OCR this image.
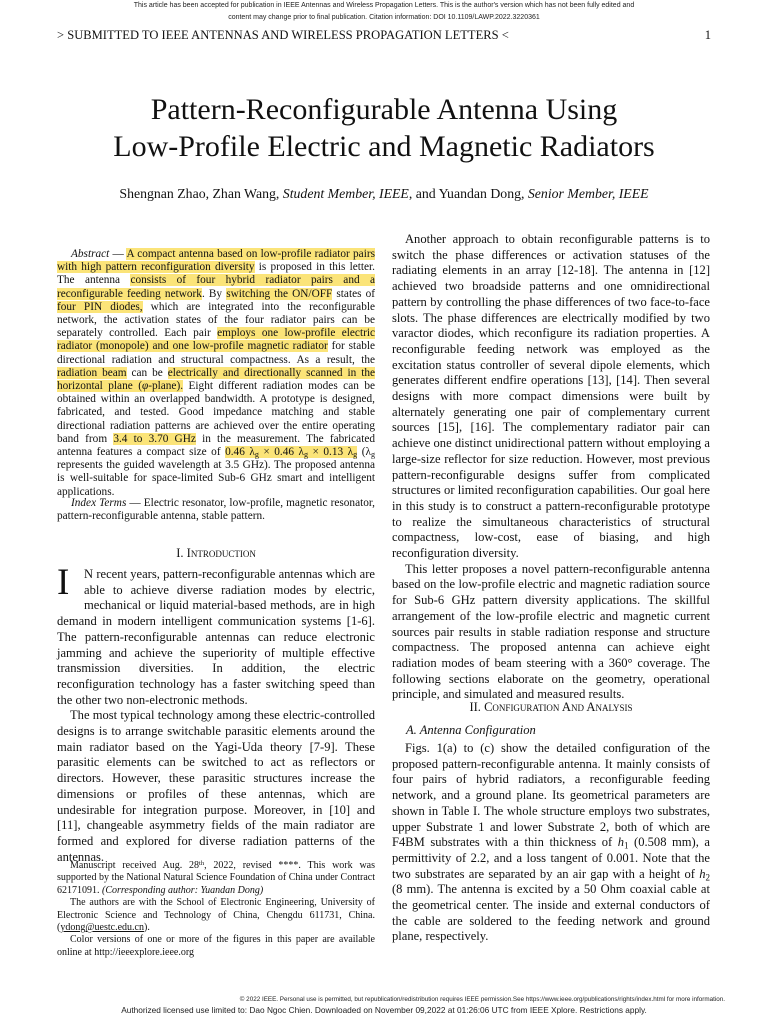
This article has been accepted for publication in IEEE Antennas and Wireless Propagation Letters. This is the author's version which has not been fully edited and
content may change prior to final publication. Citation information: DOI 10.1109/LAWP.2022.3220361
> SUBMITTED TO IEEE ANTENNAS AND WIRELESS PROPAGATION LETTERS <	1
Pattern-Reconfigurable Antenna Using
Low-Profile Electric and Magnetic Radiators
Shengnan Zhao, Zhan Wang, Student Member, IEEE, and Yuandan Dong, Senior Member, IEEE

Abstract — A compact antenna based on low-profile radiator pairs with high pattern reconfiguration diversity is proposed in this letter. The antenna consists of four hybrid radiator pairs and a reconfigurable feeding network. By switching the ON/OFF states of four PIN diodes, which are integrated into the reconfigurable network, the activation states of the four radiator pairs can be separately controlled. Each pair employs one low-profile electric radiator (monopole) and one low-profile magnetic radiator for stable directional radiation and structural compactness. As a result, the radiation beam can be electrically and directionally scanned in the horizontal plane (φ-plane). Eight different radiation modes can be obtained within an overlapped bandwidth. A prototype is designed, fabricated, and tested. Good impedance matching and stable directional radiation patterns are achieved over the entire operating band from 3.4 to 3.70 GHz in the measurement. The fabricated antenna features a compact size of 0.46 $\lambda_g \times 0.46$ $\lambda_g \times 0.13$ $\lambda_g$ ($\lambda_g$ represents the guided wavelength at 3.5 GHz). The proposed antenna is well-suitable for space-limited Sub-6 GHz smart and intelligent applications.

Index Terms — Electric resonator, low-profile, magnetic resonator, pattern-reconfigurable antenna, stable pattern.

I. Introduction

I	N recent years, pattern-reconfigurable antennas which are able to achieve diverse radiation modes by electric, mechanical or liquid material-based methods, are in high demand in modern intelligent communication systems [1-6]. The pattern-reconfigurable antennas can reduce electronic jamming and achieve the superiority of multiple effective transmission diversities. In addition, the electric reconfiguration technology has a faster switching speed than the other two non-electronic methods.

The most typical technology among these electric-controlled designs is to arrange switchable parasitic elements around the main radiator based on the Yagi-Uda theory [7-9]. These parasitic elements can be switched to act as reflectors or directors. However, these parasitic structures increase the dimensions or profiles of these antennas, which are undesirable for integration purpose. Moreover, in [10] and [11], changeable asymmetry fields of the main radiator are formed and explored for diverse radiation patterns of the antennas.

Manuscript received Aug. 28th, 2022, revised ****. This work was supported by the National Natural Science Foundation of China under Contract 62171091. (Corresponding author: Yuandan Dong)

The authors are with the School of Electronic Engineering, University of Electronic Science and Technology of China, Chengdu 611731, China. (ydong@uestc.edu.cn).

Color versions of one or more of the figures in this paper are available online at http://ieeexplore.ieee.org

Another approach to obtain reconfigurable patterns is to switch the phase differences or activation statuses of the radiating elements in an array [12-18]. The antenna in [12] achieved two broadside patterns and one omnidirectional pattern by controlling the phase differences of two face-to-face slots. The phase differences are electrically modified by two varactor diodes, which reconfigure its radiation properties. A reconfigurable feeding network was employed as the excitation status controller of several dipole elements, which generates different endfire operations [13], [14]. Then several designs with more compact dimensions were built by alternately generating one pair of complementary current sources [15], [16]. The complementary radiator pair can achieve one distinct unidirectional pattern without employing a large-size reflector for size reduction. However, most previous pattern-reconfigurable designs suffer from complicated structures or limited reconfiguration capabilities. Our goal here in this study is to construct a pattern-reconfigurable prototype to realize the simultaneous characteristics of structural compactness, low-cost, ease of biasing, and high reconfiguration diversity.

This letter proposes a novel pattern-reconfigurable antenna based on the low-profile electric and magnetic radiation source for Sub-6 GHz pattern diversity applications. The skillful arrangement of the low-profile electric and magnetic current sources pair results in stable radiation response and structure compactness. The proposed antenna can achieve eight radiation modes of beam steering with a 360° coverage. The following sections elaborate on the geometry, operational principle, and simulated and measured results.

II. Configuration And Analysis
A. Antenna Configuration

Figs. 1(a) to (c) show the detailed configuration of the proposed pattern-reconfigurable antenna. It mainly consists of four pairs of hybrid radiators, a reconfigurable feeding network, and a ground plane. Its geometrical parameters are shown in Table I. The whole structure employs two substrates, upper Substrate 1 and lower Substrate 2, both of which are F4BM substrates with a thin thickness of $h_1$ (0.508 mm), a permittivity of 2.2, and a loss tangent of 0.001. Note that the two substrates are separated by an air gap with a height of $h_2$ (8 mm). The antenna is excited by a 50 Ohm coaxial cable at the geometrical center. The inside and external conductors of the cable are soldered to the feeding network and ground plane, respectively.

© 2022 IEEE. Personal use is permitted, but republication/redistribution requires IEEE permission.See https://www.ieee.org/publications/rights/index.html for more information.
Authorized licensed use limited to: Dao Ngoc Chien. Downloaded on November 09,2022 at 01:26:06 UTC from IEEE Xplore. Restrictions apply.
